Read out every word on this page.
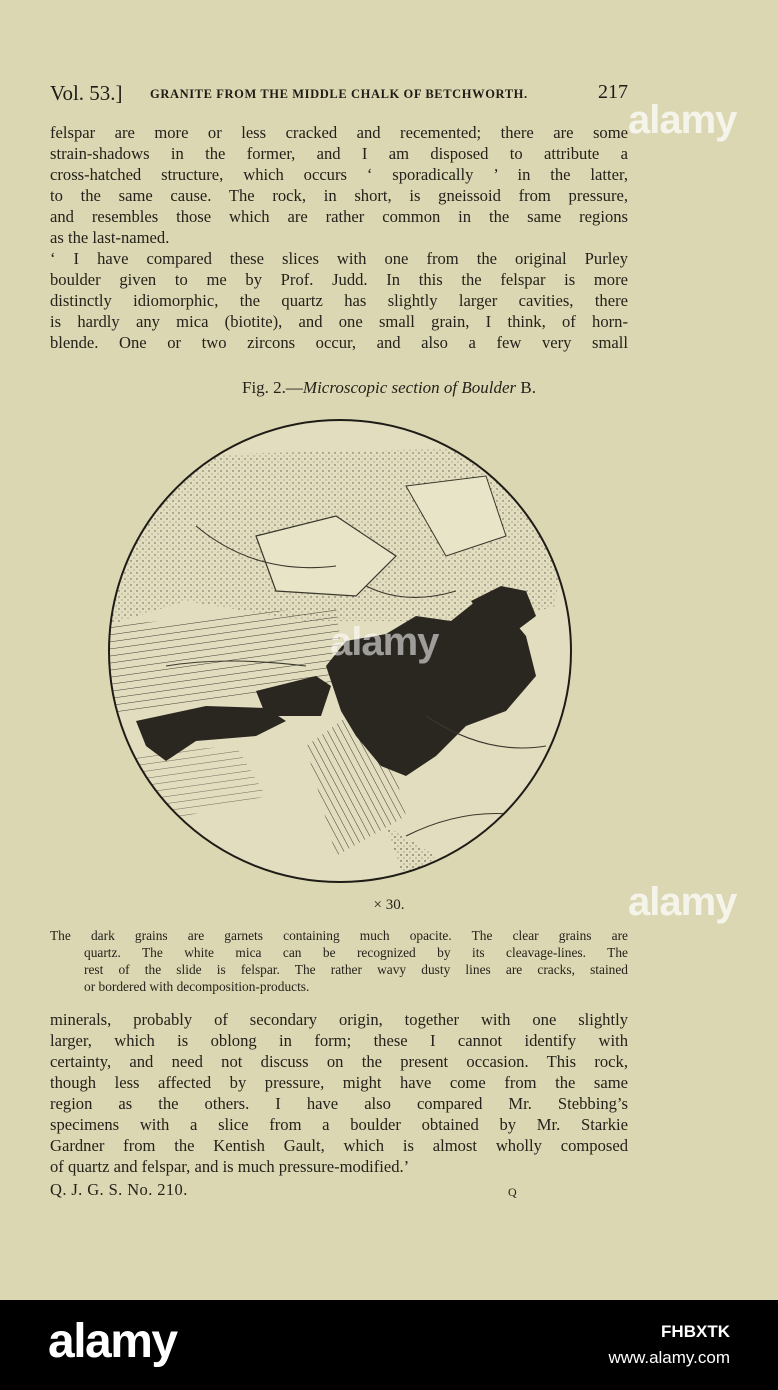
Vol. 53.] GRANITE FROM THE MIDDLE CHALK OF BETCHWORTH.	217
felspar are more or less cracked and recemented; there are some
strain-shadows in the former, and I am disposed to attribute a
cross-hatched structure, which occurs ‘ sporadically ’ in the latter,
to the same cause. The rock, in short, is gneissoid from pressure,
and resembles those which are rather common in the same regions
as the last-named.
‘ I have compared these slices with one from the original Purley
boulder given to me by Prof. Judd. In this the felspar is more
distinctly idiomorphic, the quartz has slightly larger cavities, there
is hardly any mica (biotite), and one small grain, I think, of horn-
blende. One or two zircons occur, and also a few very small
Fig. 2.—Microscopic section of Boulder B.
× 30.
The dark grains are garnets containing much opacite. The clear grains are
quartz. The white mica can be recognized by its cleavage-lines. The
rest of the slide is felspar. The rather wavy dusty lines are cracks, stained
or bordered with decomposition-products.
minerals, probably of secondary origin, together with one slightly
larger, which is oblong in form; these I cannot identify with
certainty, and need not discuss on the present occasion. This rock,
though less affected by pressure, might have come from the same
region as the others. I have also compared Mr. Stebbing’s
specimens with a slice from a boulder obtained by Mr. Starkie
Gardner from the Kentish Gault, which is almost wholly composed
of quartz and felspar, and is much pressure-modified.’
Q. J. G. S. No. 210.	Q
alamy
alamy
alamy
alamy	FHBXTK
www.alamy.com
